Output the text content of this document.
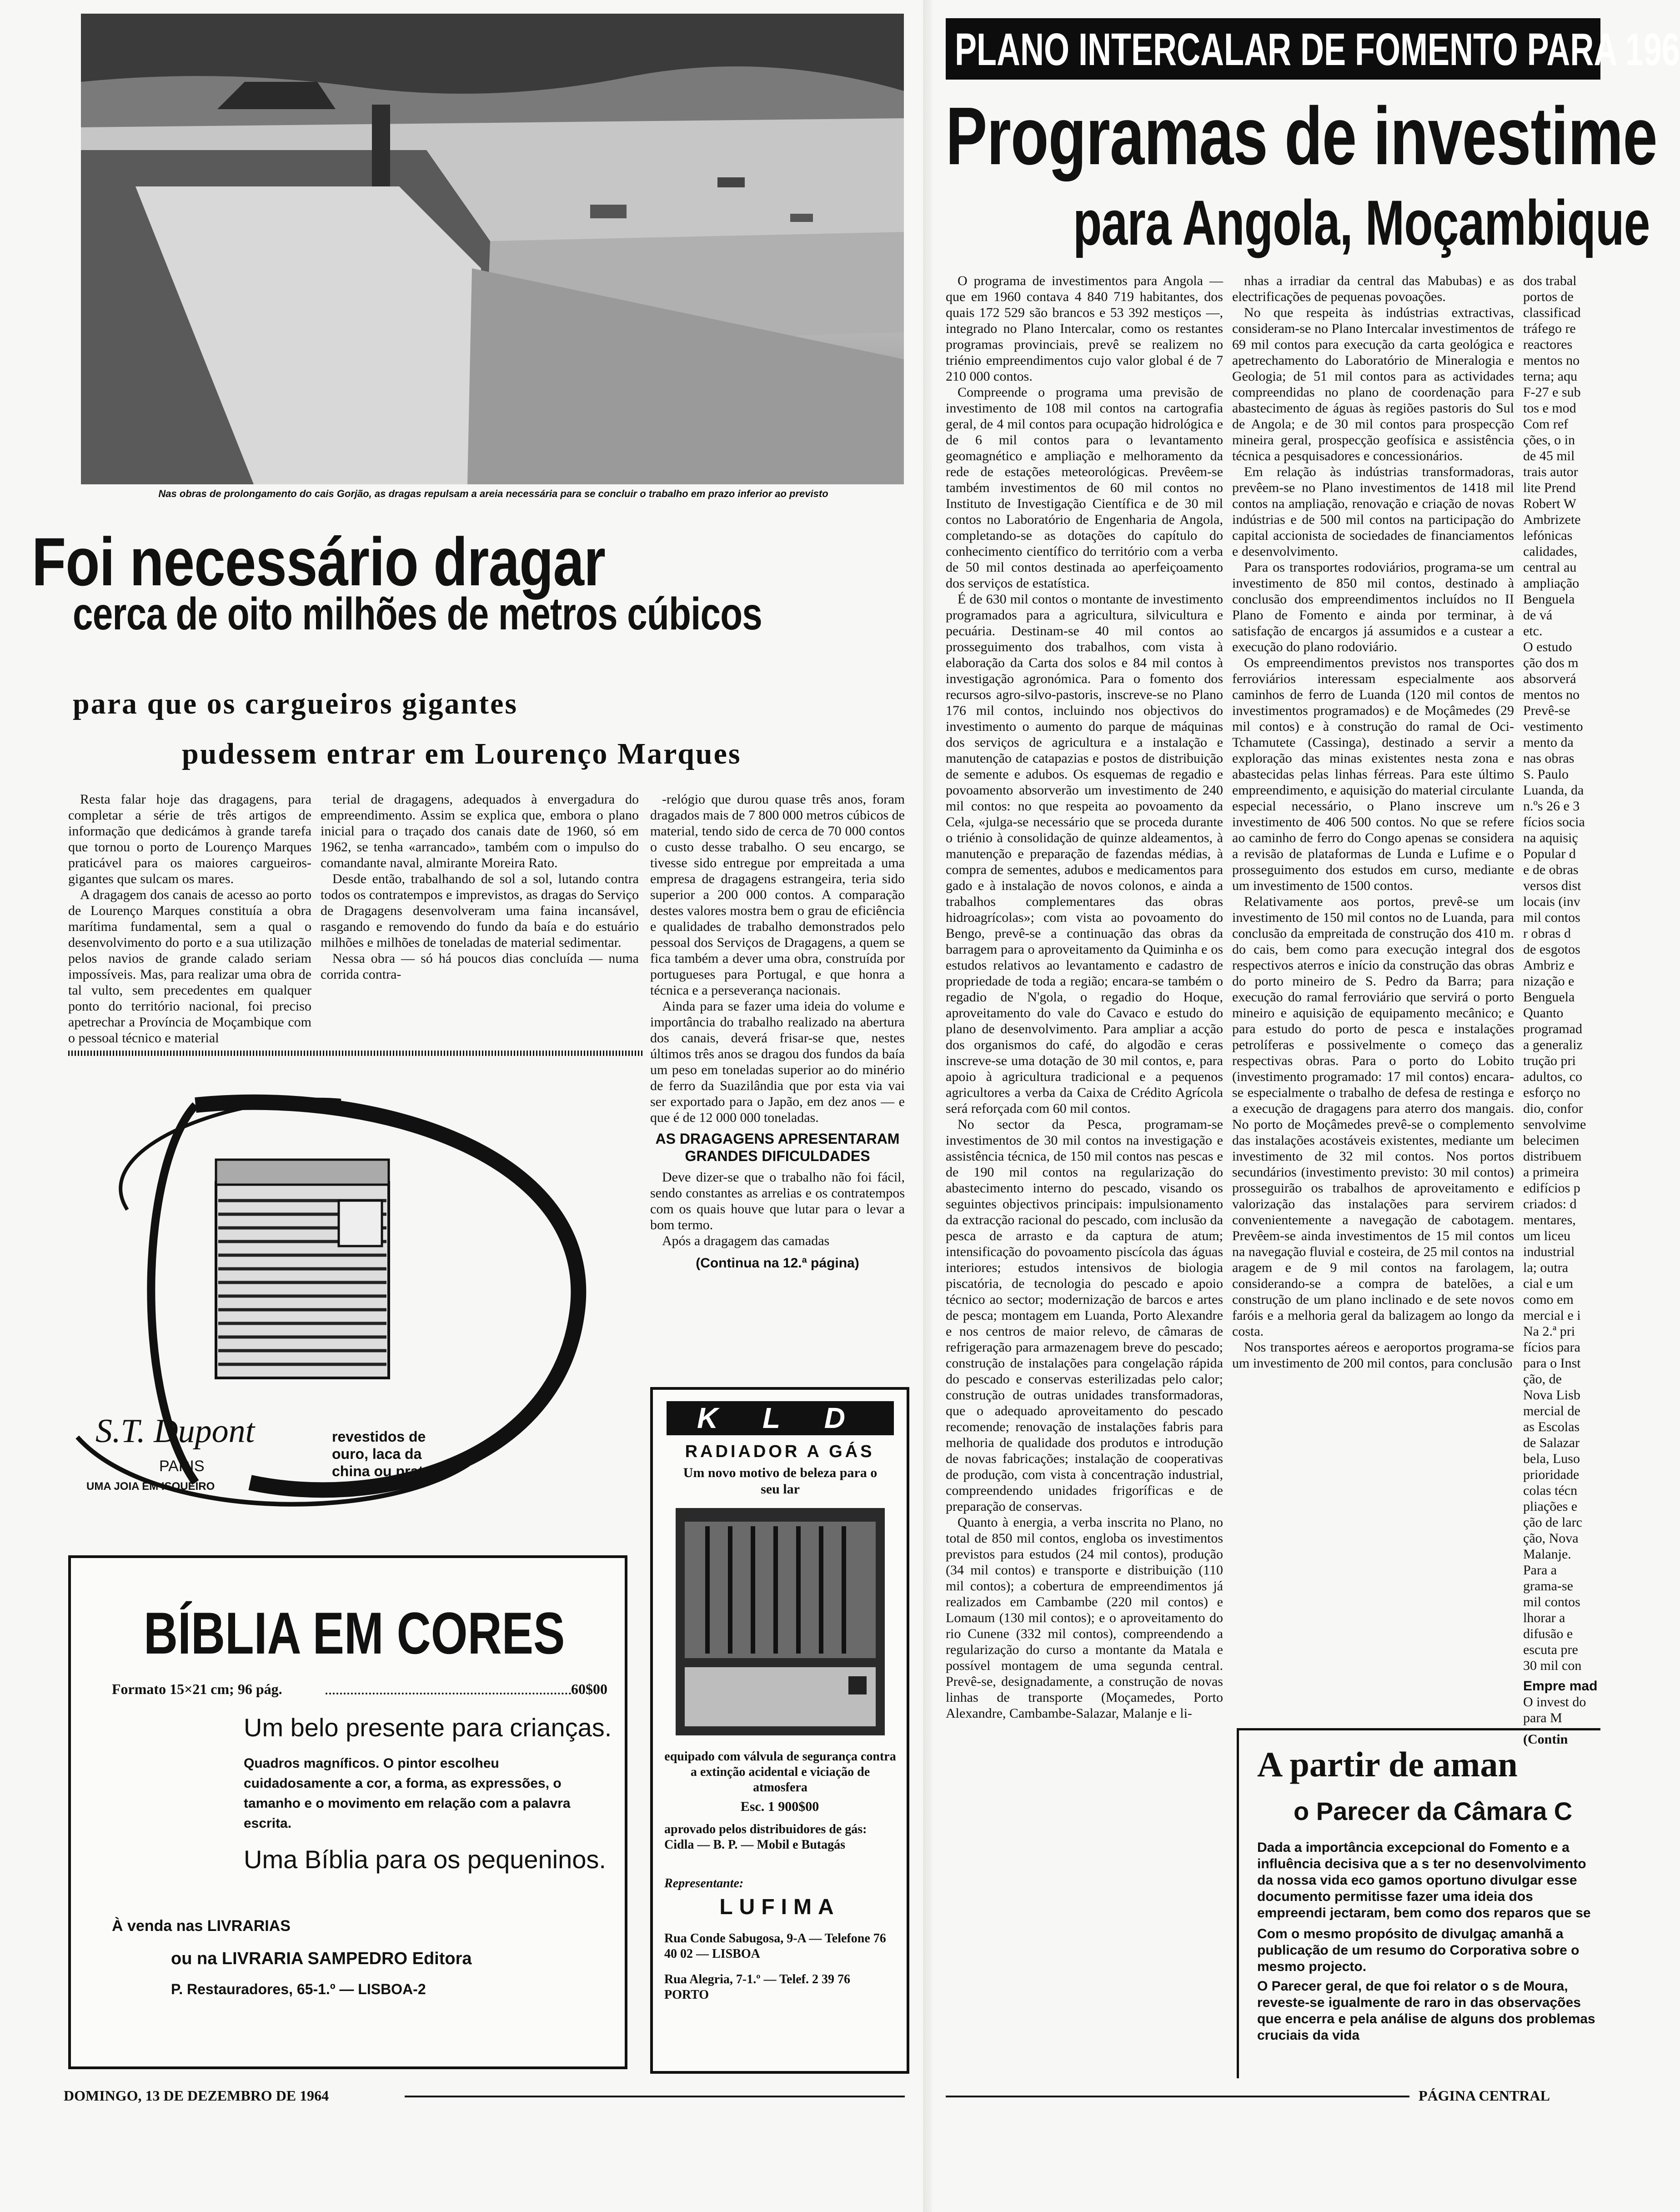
Nas obras de prolongamento do cais Gorjão, as dragas repulsam a areia necessária para se concluir o trabalho em prazo inferior ao previsto
Foi necessário dragar
cerca de oito milhões de metros cúbicos
para que os cargueiros gigantes
pudessem entrar em Lourenço Marques

Resta falar hoje das dragagens, para completar a série de três artigos de informação que dedicámos à grande tarefa que tornou o porto de Lourenço Marques praticável para os maiores cargueiros-gigantes que sulcam os mares.

A dragagem dos canais de acesso ao porto de Lourenço Marques constituía a obra marítima fundamental, sem a qual o desenvolvimento do porto e a sua utilização pelos navios de grande calado seriam impossíveis. Mas, para realizar uma obra de tal vulto, sem precedentes em qualquer ponto do território nacional, foi preciso apetrechar a Província de Moçambique com o pessoal técnico e material

terial de dragagens, adequados à envergadura do empreendimento. Assim se explica que, embora o plano inicial para o traçado dos canais date de 1960, só em 1962, se tenha «arrancado», também com o impulso do comandante naval, almirante Moreira Rato.

Desde então, trabalhando de sol a sol, lutando contra todos os contratempos e imprevistos, as dragas do Serviço de Dragagens desenvolveram uma faina incansável, rasgando e removendo do fundo da baía e do estuário milhões e milhões de toneladas de material sedimentar.

Nessa obra — só há poucos dias concluída — numa corrida contra-

-relógio que durou quase três anos, foram dragados mais de 7 800 000 metros cúbicos de material, tendo sido de cerca de 70 000 contos o custo desse trabalho. O seu encargo, se tivesse sido entregue por empreitada a uma empresa de dragagens estrangeira, teria sido superior a 200 000 contos. A comparação destes valores mostra bem o grau de eficiência e qualidades de trabalho demonstrados pelo pessoal dos Serviços de Dragagens, a quem se fica também a dever uma obra, construída por portugueses para Portugal, e que honra a técnica e a perseverança nacionais.

Ainda para se fazer uma ideia do volume e importância do trabalho realizado na abertura dos canais, deverá frisar-se que, nestes últimos três anos se dragou dos fundos da baía um peso em toneladas superior ao do minério de ferro da Suazilândia que por esta via vai ser exportado para o Japão, em dez anos — e que é de 12 000 000 toneladas.

AS DRAGAGENS APRESENTARAM GRANDES DIFICULDADES

Deve dizer-se que o trabalho não foi fácil, sendo constantes as arrelias e os contratempos com os quais houve que lutar para o levar a bom termo.

Após a dragagem das camadas

(Continua na 12.ª página)
S.T. Dupont
PARIS
UMA JOIA EM ISQUEIRO
revestidos de ouro, laca da china ou prata
BÍBLIA EM CORES
Formato 15×21 cm; 96 pág.	60$00
Um belo presente para crianças.
Quadros magníficos. O pintor escolheu cuidadosamente a cor, a forma, as expressões, o tamanho e o movimento em relação com a palavra escrita.
Uma Bíblia para os pequeninos.
À venda nas LIVRARIAS
ou na LIVRARIA SAMPEDRO Editora
P. Restauradores, 65-1.º — LISBOA-2
K L D
RADIADOR A GÁS
Um novo motivo de beleza para o seu lar
equipado com válvula de segurança contra a extinção acidental e viciação de atmosfera
Esc. 1 900$00
aprovado pelos distribuidores de gás: Cidla — B. P. — Mobil e Butagás
Representante:
LUFIMA
Rua Conde Sabugosa, 9-A — Telefone 76 40 02 — LISBOA
Rua Alegria, 7-1.º — Telef. 2 39 76 PORTO
DOMINGO, 13 DE DEZEMBRO DE 1964
PLANO INTERCALAR DE FOMENTO PARA 196
Programas de investime
para Angola, Moçambique

O programa de investimentos para Angola — que em 1960 contava 4 840 719 habitantes, dos quais 172 529 são brancos e 53 392 mestiços —, integrado no Plano Intercalar, como os restantes programas provinciais, prevê se realizem no triénio empreendimentos cujo valor global é de 7 210 000 contos.

Compreende o programa uma previsão de investimento de 108 mil contos na cartografia geral, de 4 mil contos para ocupação hidrológica e de 6 mil contos para o levantamento geomagnético e ampliação e melhoramento da rede de estações meteorológicas. Prevêem-se também investimentos de 60 mil contos no Instituto de Investigação Científica e de 30 mil contos no Laboratório de Engenharia de Angola, completando-se as dotações do capítulo do conhecimento científico do território com a verba de 50 mil contos destinada ao aperfeiçoamento dos serviços de estatística.

É de 630 mil contos o montante de investimento programados para a agricultura, silvicultura e pecuária. Destinam-se 40 mil contos ao prosseguimento dos trabalhos, com vista à elaboração da Carta dos solos e 84 mil contos à investigação agronómica. Para o fomento dos recursos agro-silvo-pastoris, inscreve-se no Plano 176 mil contos, incluindo nos objectivos do investimento o aumento do parque de máquinas dos serviços de agricultura e a instalação e manutenção de catapazias e postos de distribuição de semente e adubos. Os esquemas de regadio e povoamento absorverão um investimento de 240 mil contos: no que respeita ao povoamento da Cela, «julga-se necessário que se proceda durante o triénio à consolidação de quinze aldeamentos, à manutenção e preparação de fazendas médias, à compra de sementes, adubos e medicamentos para gado e à instalação de novos colonos, e ainda a trabalhos complementares das obras hidroagrícolas»; com vista ao povoamento do Bengo, prevê-se a continuação das obras da barragem para o aproveitamento da Quiminha e os estudos relativos ao levantamento e cadastro de propriedade de toda a região; encara-se também o regadio de N'gola, o regadio do Hoque, aproveitamento do vale do Cavaco e estudo do plano de desenvolvimento. Para ampliar a acção dos organismos do café, do algodão e ceras inscreve-se uma dotação de 30 mil contos, e, para apoio à agricultura tradicional e a pequenos agricultores a verba da Caixa de Crédito Agrícola será reforçada com 60 mil contos.

No sector da Pesca, programam-se investimentos de 30 mil contos na investigação e assistência técnica, de 150 mil contos nas pescas e de 190 mil contos na regularização do abastecimento interno do pescado, visando os seguintes objectivos principais: impulsionamento da extracção racional do pescado, com inclusão da pesca de arrasto e da captura de atum; intensificação do povoamento piscícola das águas interiores; estudos intensivos de biologia piscatória, de tecnologia do pescado e apoio técnico ao sector; modernização de barcos e artes de pesca; montagem em Luanda, Porto Alexandre e nos centros de maior relevo, de câmaras de refrigeração para armazenagem breve do pescado; construção de instalações para congelação rápida do pescado e conservas esterilizadas pelo calor; construção de outras unidades transformadoras, que o adequado aproveitamento do pescado recomende; renovação de instalações fabris para melhoria de qualidade dos produtos e introdução de novas fabricações; instalação de cooperativas de produção, com vista à concentração industrial, compreendendo unidades frigoríficas e de preparação de conservas.

Quanto à energia, a verba inscrita no Plano, no total de 850 mil contos, engloba os investimentos previstos para estudos (24 mil contos), produção (34 mil contos) e transporte e distribuição (110 mil contos); a cobertura de empreendimentos já realizados em Cambambe (220 mil contos) e Lomaum (130 mil contos); e o aproveitamento do rio Cunene (332 mil contos), compreendendo a regularização do curso a montante da Matala e possível montagem de uma segunda central. Prevê-se, designadamente, a construção de novas linhas de transporte (Moçamedes, Porto Alexandre, Cambambe-Salazar, Malanje e li-

nhas a irradiar da central das Mabubas) e as electrificações de pequenas povoações.

No que respeita às indústrias extractivas, consideram-se no Plano Intercalar investimentos de 69 mil contos para execução da carta geológica e apetrechamento do Laboratório de Mineralogia e Geologia; de 51 mil contos para as actividades compreendidas no plano de coordenação para abastecimento de águas às regiões pastoris do Sul de Angola; e de 30 mil contos para prospecção mineira geral, prospecção geofísica e assistência técnica a pesquisadores e concessionários.

Em relação às indústrias transformadoras, prevêem-se no Plano investimentos de 1418 mil contos na ampliação, renovação e criação de novas indústrias e de 500 mil contos na participação do capital accionista de sociedades de financiamentos e desenvolvimento.

Para os transportes rodoviários, programa-se um investimento de 850 mil contos, destinado à conclusão dos empreendimentos incluídos no II Plano de Fomento e ainda por terminar, à satisfação de encargos já assumidos e a custear a execução do plano rodoviário.

Os empreendimentos previstos nos transportes ferroviários interessam especialmente aos caminhos de ferro de Luanda (120 mil contos de investimentos programados) e de Moçâmedes (29 mil contos) e à construção do ramal de Oci-Tchamutete (Cassinga), destinado a servir a exploração das minas existentes nesta zona e abastecidas pelas linhas férreas. Para este último empreendimento, e aquisição do material circulante especial necessário, o Plano inscreve um investimento de 406 500 contos. No que se refere ao caminho de ferro do Congo apenas se considera a revisão de plataformas de Lunda e Lufime e o prosseguimento dos estudos em curso, mediante um investimento de 1500 contos.

Relativamente aos portos, prevê-se um investimento de 150 mil contos no de Luanda, para conclusão da empreitada de construção dos 410 m. do cais, bem como para execução integral dos respectivos aterros e início da construção das obras do porto mineiro de S. Pedro da Barra; para execução do ramal ferroviário que servirá o porto mineiro e aquisição de equipamento mecânico; e para estudo do porto de pesca e instalações petrolíferas e possivelmente o começo das respectivas obras. Para o porto do Lobito (investimento programado: 17 mil contos) encara-se especialmente o trabalho de defesa de restinga e a execução de dragagens para aterro dos mangais. No porto de Moçâmedes prevê-se o complemento das instalações acostáveis existentes, mediante um investimento de 32 mil contos. Nos portos secundários (investimento previsto: 30 mil contos) prosseguirão os trabalhos de aproveitamento e valorização das instalações para servirem convenientemente a navegação de cabotagem. Prevêem-se ainda investimentos de 15 mil contos na navegação fluvial e costeira, de 25 mil contos na aragem e de 9 mil contos na farolagem, considerando-se a compra de batelões, a construção de um plano inclinado e de sete novos faróis e a melhoria geral da balizagem ao longo da costa.

Nos transportes aéreos e aeroportos programa-se um investimento de 200 mil contos, para conclusão

dos trabal
portos de
classificad
tráfego re
reactores
mentos no
terna; aqu
F-27 e sub
tos e mod
Com ref
ções, o in
de 45 mil
trais autor
lite Prend
Robert W
Ambrizete
lefónicas
calidades,
central au
ampliação
Benguela
de vá
etc.
O estudo
ção dos m
absorverá
mentos no
Prevê-se
vestimento
mento da
nas obras
S. Paulo
Luanda, da
n.ºs 26 e 3
fícios socia
na aquisiç
Popular d
e de obras
versos dist
locais (inv
mil contos
r obras d
de esgotos
Ambriz e
nização e
Benguela
Quanto
programad
a generaliz
trução pri
adultos, co
esforço no
dio, confor
senvolvime
belecimen
distribuem
a primeira
edifícios p
criados: d
mentares,
um liceu
industrial
la; outra
cial e um
como em
mercial e i
Na 2.ª pri
fícios para
para o Inst
ção, de
Nova Lisb
mercial de
as Escolas
de Salazar
bela, Luso
prioridade
colas técn
pliações e
ção de larc
ção, Nova
Malanje.
Para a
grama-se
mil contos
lhorar a
difusão e
escuta pre
30 mil con
Empre mad
O invest do para M
(Contin
A partir de aman
o Parecer da Câmara C
Dada a importância excepcional do Fomento e a influência decisiva que a s ter no desenvolvimento da nossa vida eco gamos oportuno divulgar esse documento permitisse fazer uma ideia dos empreendi jectaram, bem como dos reparos que se
Com o mesmo propósito de divulgaç amanhã a publicação de um resumo do Corporativa sobre o mesmo projecto.
O Parecer geral, de que foi relator o s de Moura, reveste-se igualmente de raro in das observações que encerra e pela análise de alguns dos problemas cruciais da vida
PÁGINA CENTRAL
